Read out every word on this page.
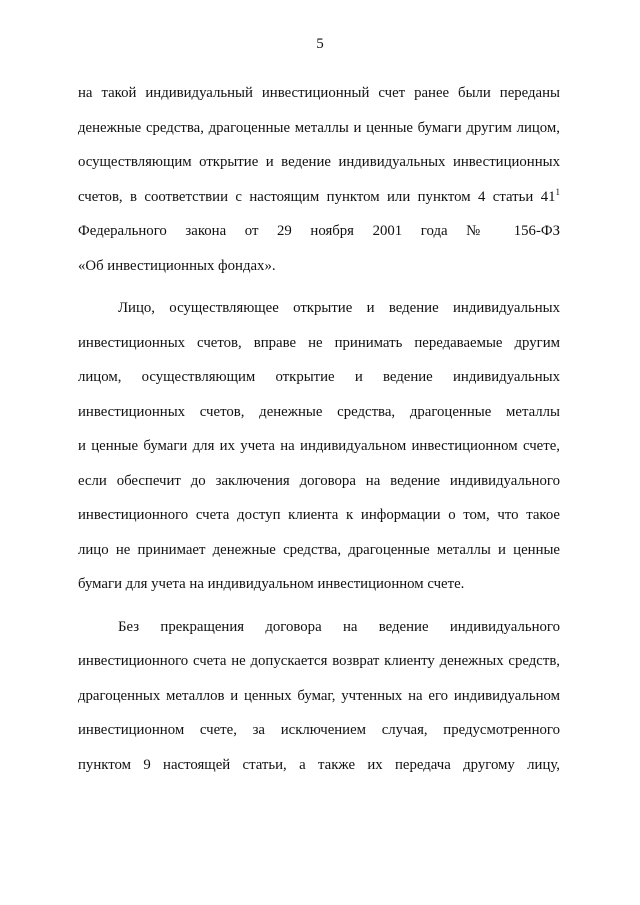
5
на такой индивидуальный инвестиционный счет ранее были переданы
денежные средства, драгоценные металлы и ценные бумаги другим лицом,
осуществляющим открытие и ведение индивидуальных инвестиционных
счетов, в соответствии с настоящим пунктом или пунктом 4 статьи $41^1$
Федерального закона от 29 ноября 2001 года № 156-ФЗ
«Об инвестиционных фондах».
Лицо, осуществляющее открытие и ведение индивидуальных
инвестиционных счетов, вправе не принимать передаваемые другим
лицом, осуществляющим открытие и ведение индивидуальных
инвестиционных счетов, денежные средства, драгоценные металлы
и ценные бумаги для их учета на индивидуальном инвестиционном счете,
если обеспечит до заключения договора на ведение индивидуального
инвестиционного счета доступ клиента к информации о том, что такое
лицо не принимает денежные средства, драгоценные металлы и ценные
бумаги для учета на индивидуальном инвестиционном счете.
Без прекращения договора на ведение индивидуального
инвестиционного счета не допускается возврат клиенту денежных средств,
драгоценных металлов и ценных бумаг, учтенных на его индивидуальном
инвестиционном счете, за исключением случая, предусмотренного
пунктом 9 настоящей статьи, а также их передача другому лицу,
